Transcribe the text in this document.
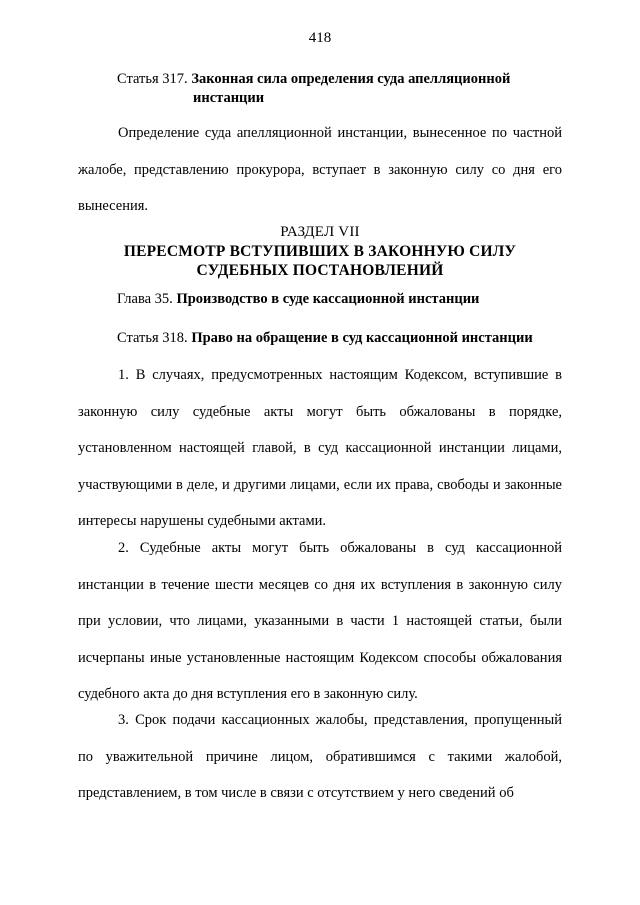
418
Статья 317. Законная сила определения суда апелляционной
инстанции

Определение суда апелляционной инстанции, вынесенное по частной жалобе, представлению прокурора, вступает в законную силу со дня его вынесения.

РАЗДЕЛ VII
ПЕРЕСМОТР ВСТУПИВШИХ В ЗАКОННУЮ СИЛУ СУДЕБНЫХ ПОСТАНОВЛЕНИЙ
Глава 35. Производство в суде кассационной инстанции
Статья 318. Право на обращение в суд кассационной инстанции

1. В случаях, предусмотренных настоящим Кодексом, вступившие в законную силу судебные акты могут быть обжалованы в порядке, установленном настоящей главой, в суд кассационной инстанции лицами, участвующими в деле, и другими лицами, если их права, свободы и законные интересы нарушены судебными актами.

2. Судебные акты могут быть обжалованы в суд кассационной инстанции в течение шести месяцев со дня их вступления в законную силу при условии, что лицами, указанными в части 1 настоящей статьи, были исчерпаны иные установленные настоящим Кодексом способы обжалования судебного акта до дня вступления его в законную силу.

3. Срок подачи кассационных жалобы, представления, пропущенный по уважительной причине лицом, обратившимся с такими жалобой, представлением, в том числе в связи с отсутствием у него сведений об
